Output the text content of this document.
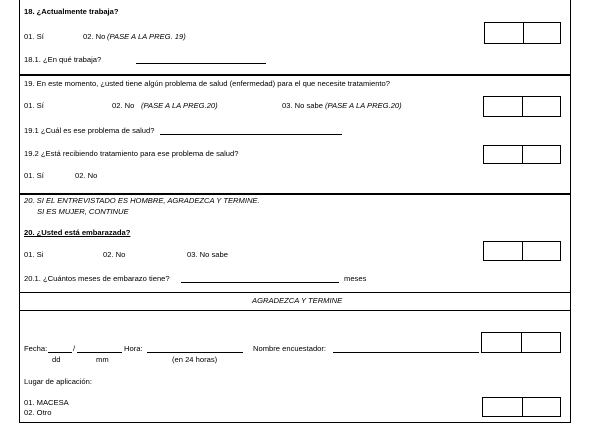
18. ¿Actualmente trabaja?
01. Sí	02. No (PASE A LA PREG. 19)
18.1. ¿En qué trabaja?
19. En este momento, ¿usted tiene algún problema de salud (enfermedad) para el que necesite tratamiento?
01. Sí	02. No (PASE A LA PREG.20)	03. No sabe (PASE A LA PREG.20)
19.1 ¿Cuál es ese problema de salud?
19.2 ¿Está recibiendo tratamiento para ese problema de salud?
01. Sí	02. No
20. SI EL ENTREVISTADO ES HOMBRE, AGRADEZCA Y TERMINE.
SI ES MUJER, CONTINUE
20. ¿Usted está embarazada?
01. Si	02. No	03. No sabe
20.1. ¿Cuántos meses de embarazo tiene?	meses
AGRADEZCA Y TERMINE
Fecha:	/	Hora:	Nombre encuestador:
dd	mm	(en 24 horas)
Lugar de aplicación:
01. MACESA
02. Otro
